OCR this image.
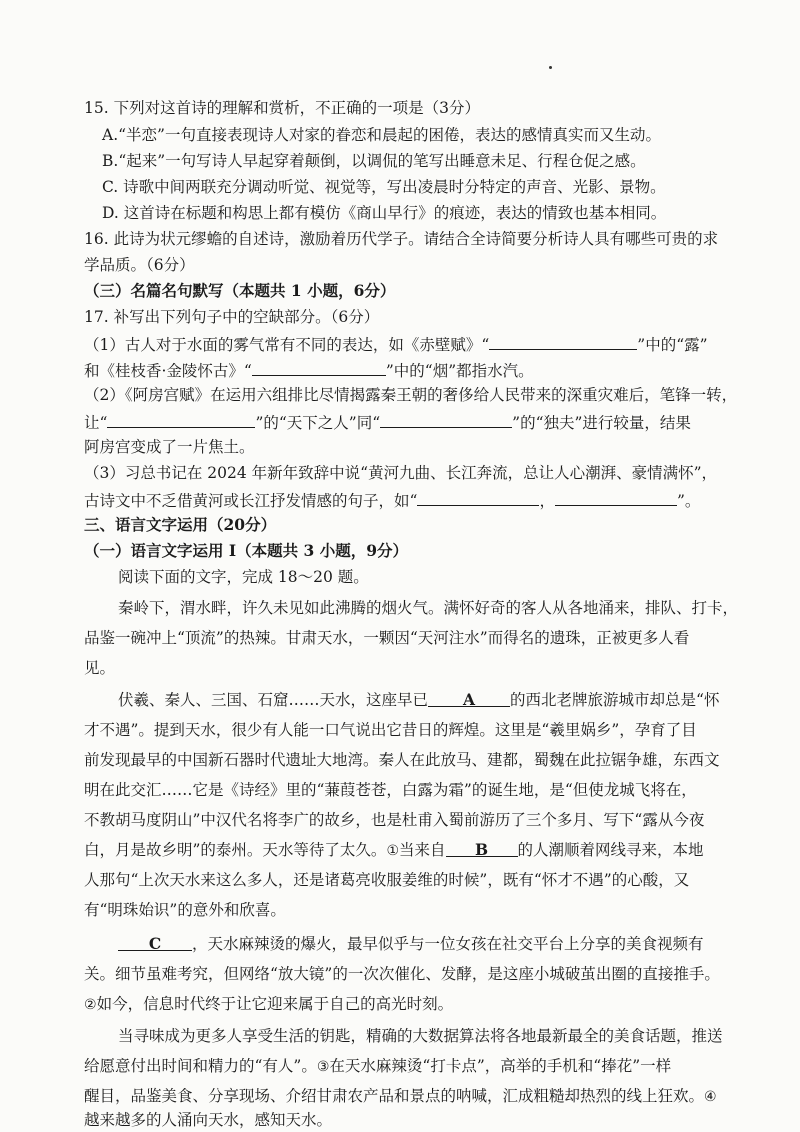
15. 下列对这首诗的理解和赏析，不正确的一项是（3分）
A.“半恋”一句直接表现诗人对家的眷恋和晨起的困倦，表达的感情真实而又生动。
B.“起来”一句写诗人早起穿着颠倒，以调侃的笔写出睡意未足、行程仓促之感。
C. 诗歌中间两联充分调动听觉、视觉等，写出凌晨时分特定的声音、光影、景物。
D. 这首诗在标题和构思上都有模仿《商山早行》的痕迹，表达的情致也基本相同。
16. 此诗为状元缪蟾的自述诗，激励着历代学子。请结合全诗简要分析诗人具有哪些可贵的求
学品质。（6分）
（三）名篇名句默写（本题共 1 小题，6分）
17. 补写出下列句子中的空缺部分。（6分）
（1）古人对于水面的雾气常有不同的表达，如《赤壁赋》“	”中的“露”
和《桂枝香·金陵怀古》“	”中的“烟”都指水汽。
（2）《阿房宫赋》在运用六组排比尽情揭露秦王朝的奢侈给人民带来的深重灾难后，笔锋一转，
让“	”的“天下之人”同“	”的“独夫”进行较量，结果
阿房宫变成了一片焦土。
（3）习总书记在 2024 年新年致辞中说“黄河九曲、长江奔流，总让人心潮湃、豪情满怀”，
古诗文中不乏借黄河或长江抒发情感的句子，如“	，	”。
三、语言文字运用（20分）
（一）语言文字运用 I（本题共 3 小题，9分）
阅读下面的文字，完成 18～20 题。
秦岭下，渭水畔，许久未见如此沸腾的烟火气。满怀好奇的客人从各地涌来，排队、打卡，
品鉴一碗冲上“顶流”的热辣。甘肃天水，一颗因“天河注水”而得名的遗珠，正被更多人看
见。
伏羲、秦人、三国、石窟……天水，这座早已 A 的西北老牌旅游城市却总是“怀
才不遇”。提到天水，很少有人能一口气说出它昔日的辉煌。这里是“羲里娲乡”，孕育了目
前发现最早的中国新石器时代遗址大地湾。秦人在此放马、建都，蜀魏在此拉锯争雄，东西文
明在此交汇……它是《诗经》里的“蒹葭苍苍，白露为霜”的诞生地，是“但使龙城飞将在，
不教胡马度阴山”中汉代名将李广的故乡，也是杜甫入蜀前游历了三个多月、写下“露从今夜
白，月是故乡明”的泰州。天水等待了太久。①当来自 B 的人潮顺着网线寻来，本地
人那句“上次天水来这么多人，还是诸葛亮收服姜维的时候”，既有“怀才不遇”的心酸，又
有“明珠始识”的意外和欣喜。
C ，天水麻辣烫的爆火，最早似乎与一位女孩在社交平台上分享的美食视频有
关。细节虽难考究，但网络“放大镜”的一次次催化、发酵，是这座小城破茧出圈的直接推手。
②如今，信息时代终于让它迎来属于自己的高光时刻。
当寻味成为更多人享受生活的钥匙，精确的大数据算法将各地最新最全的美食话题，推送
给愿意付出时间和精力的“有人”。③在天水麻辣烫“打卡点”，高举的手机和“捧花”一样
醒目，品鉴美食、分享现场、介绍甘肃农产品和景点的呐喊，汇成粗糙却热烈的线上狂欢。④
越来越多的人涌向天水，感知天水。
